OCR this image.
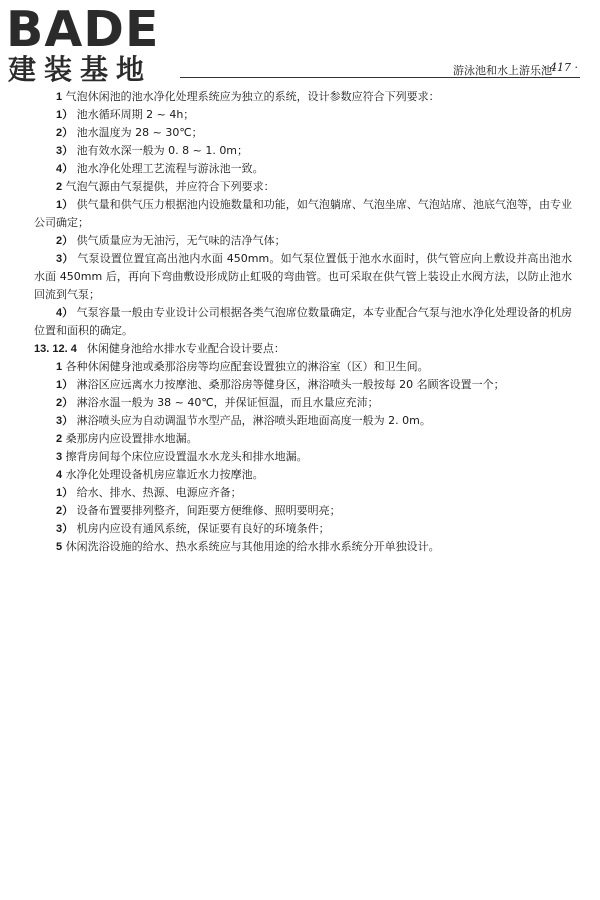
BADE
建装基地	游泳池和水上游乐池
· 417 ·

1 气泡休闲池的池水净化处理系统应为独立的系统，设计参数应符合下列要求：

1） 池水循环周期 2 ~ 4h；

2） 池水温度为 28 ~ 30℃；

3） 池有效水深一般为 0. 8 ~ 1. 0m；

4） 池水净化处理工艺流程与游泳池一致。

2 气泡气源由气泵提供，并应符合下列要求：

1） 供气量和供气压力根据池内设施数量和功能，如气泡躺席、气泡坐席、气泡站席、池底气泡等，由专业公司确定；

2） 供气质量应为无油污，无气味的洁净气体；

3） 气泵设置位置宜高出池内水面 450mm。如气泵位置低于池水水面时，供气管应向上敷设并高出池水水面 450mm 后，再向下弯曲敷设形成防止虹吸的弯曲管。也可采取在供气管上装设止水阀方法，以防止池水回流到气泵；

4） 气泵容量一般由专业设计公司根据各类气泡席位数量确定，本专业配合气泵与池水净化处理设备的机房位置和面积的确定。

13. 12. 4 休闲健身池给水排水专业配合设计要点：

1 各种休闲健身池或桑那浴房等均应配套设置独立的淋浴室（区）和卫生间。

1） 淋浴区应远离水力按摩池、桑那浴房等健身区，淋浴喷头一般按每 20 名顾客设置一个；

2） 淋浴水温一般为 38 ~ 40℃，并保证恒温，而且水量应充沛；

3） 淋浴喷头应为自动调温节水型产品，淋浴喷头距地面高度一般为 2. 0m。

2 桑那房内应设置排水地漏。

3 擦背房间每个床位应设置温水水龙头和排水地漏。

4 水净化处理设备机房应靠近水力按摩池。

1） 给水、排水、热源、电源应齐备；

2） 设备布置要排列整齐，间距要方便维修、照明要明亮；

3） 机房内应设有通风系统，保证要有良好的环境条件；

5 休闲洗浴设施的给水、热水系统应与其他用途的给水排水系统分开单独设计。
